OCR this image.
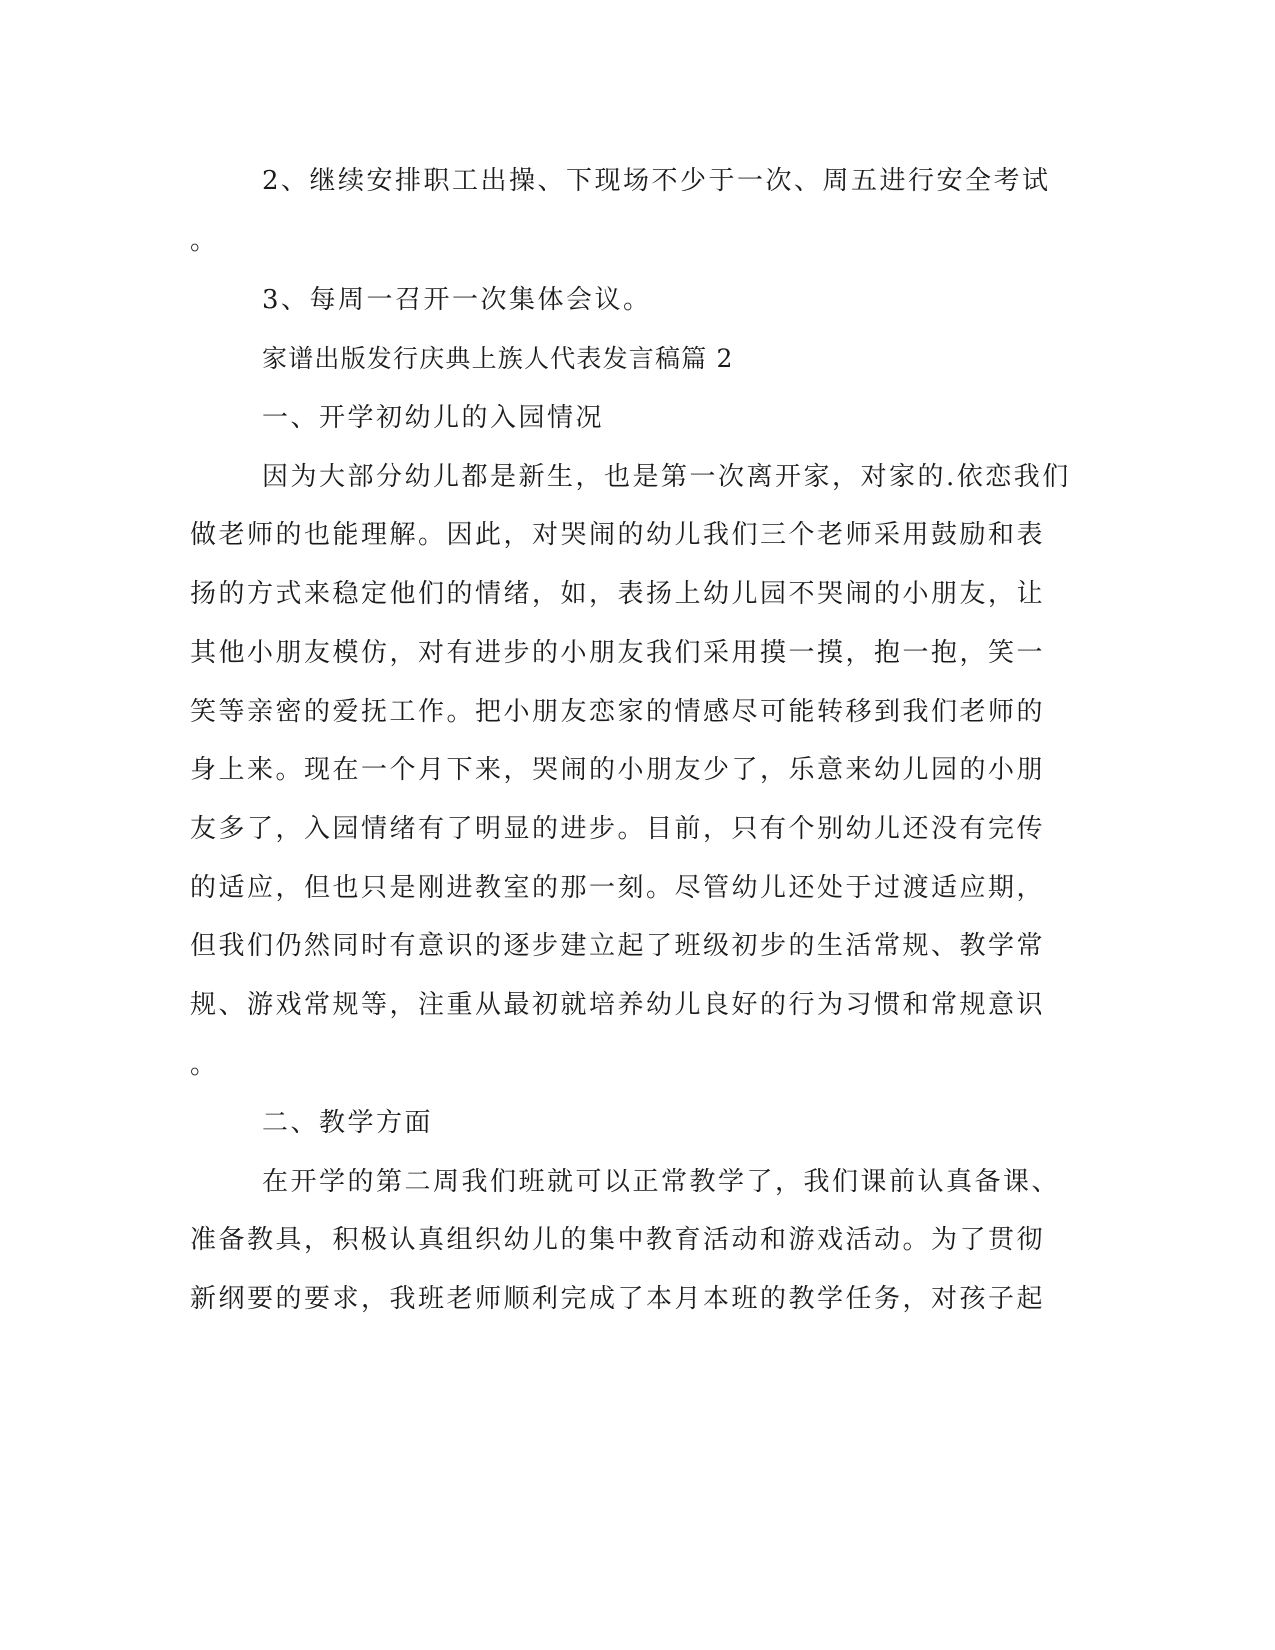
2、继续安排职工出操、下现场不少于一次、周五进行安全考试
。
3、每周一召开一次集体会议。
家谱出版发行庆典上族人代表发言稿篇 2
一、开学初幼儿的入园情况
因为大部分幼儿都是新生，也是第一次离开家，对家的.依恋我们
做老师的也能理解。因此，对哭闹的幼儿我们三个老师采用鼓励和表
扬的方式来稳定他们的情绪，如，表扬上幼儿园不哭闹的小朋友，让
其他小朋友模仿，对有进步的小朋友我们采用摸一摸，抱一抱，笑一
笑等亲密的爱抚工作。把小朋友恋家的情感尽可能转移到我们老师的
身上来。现在一个月下来，哭闹的小朋友少了，乐意来幼儿园的小朋
友多了，入园情绪有了明显的进步。目前，只有个别幼儿还没有完传
的适应，但也只是刚进教室的那一刻。尽管幼儿还处于过渡适应期，
但我们仍然同时有意识的逐步建立起了班级初步的生活常规、教学常
规、游戏常规等，注重从最初就培养幼儿良好的行为习惯和常规意识
。
二、教学方面
在开学的第二周我们班就可以正常教学了，我们课前认真备课、
准备教具，积极认真组织幼儿的集中教育活动和游戏活动。为了贯彻
新纲要的要求，我班老师顺利完成了本月本班的教学任务，对孩子起
